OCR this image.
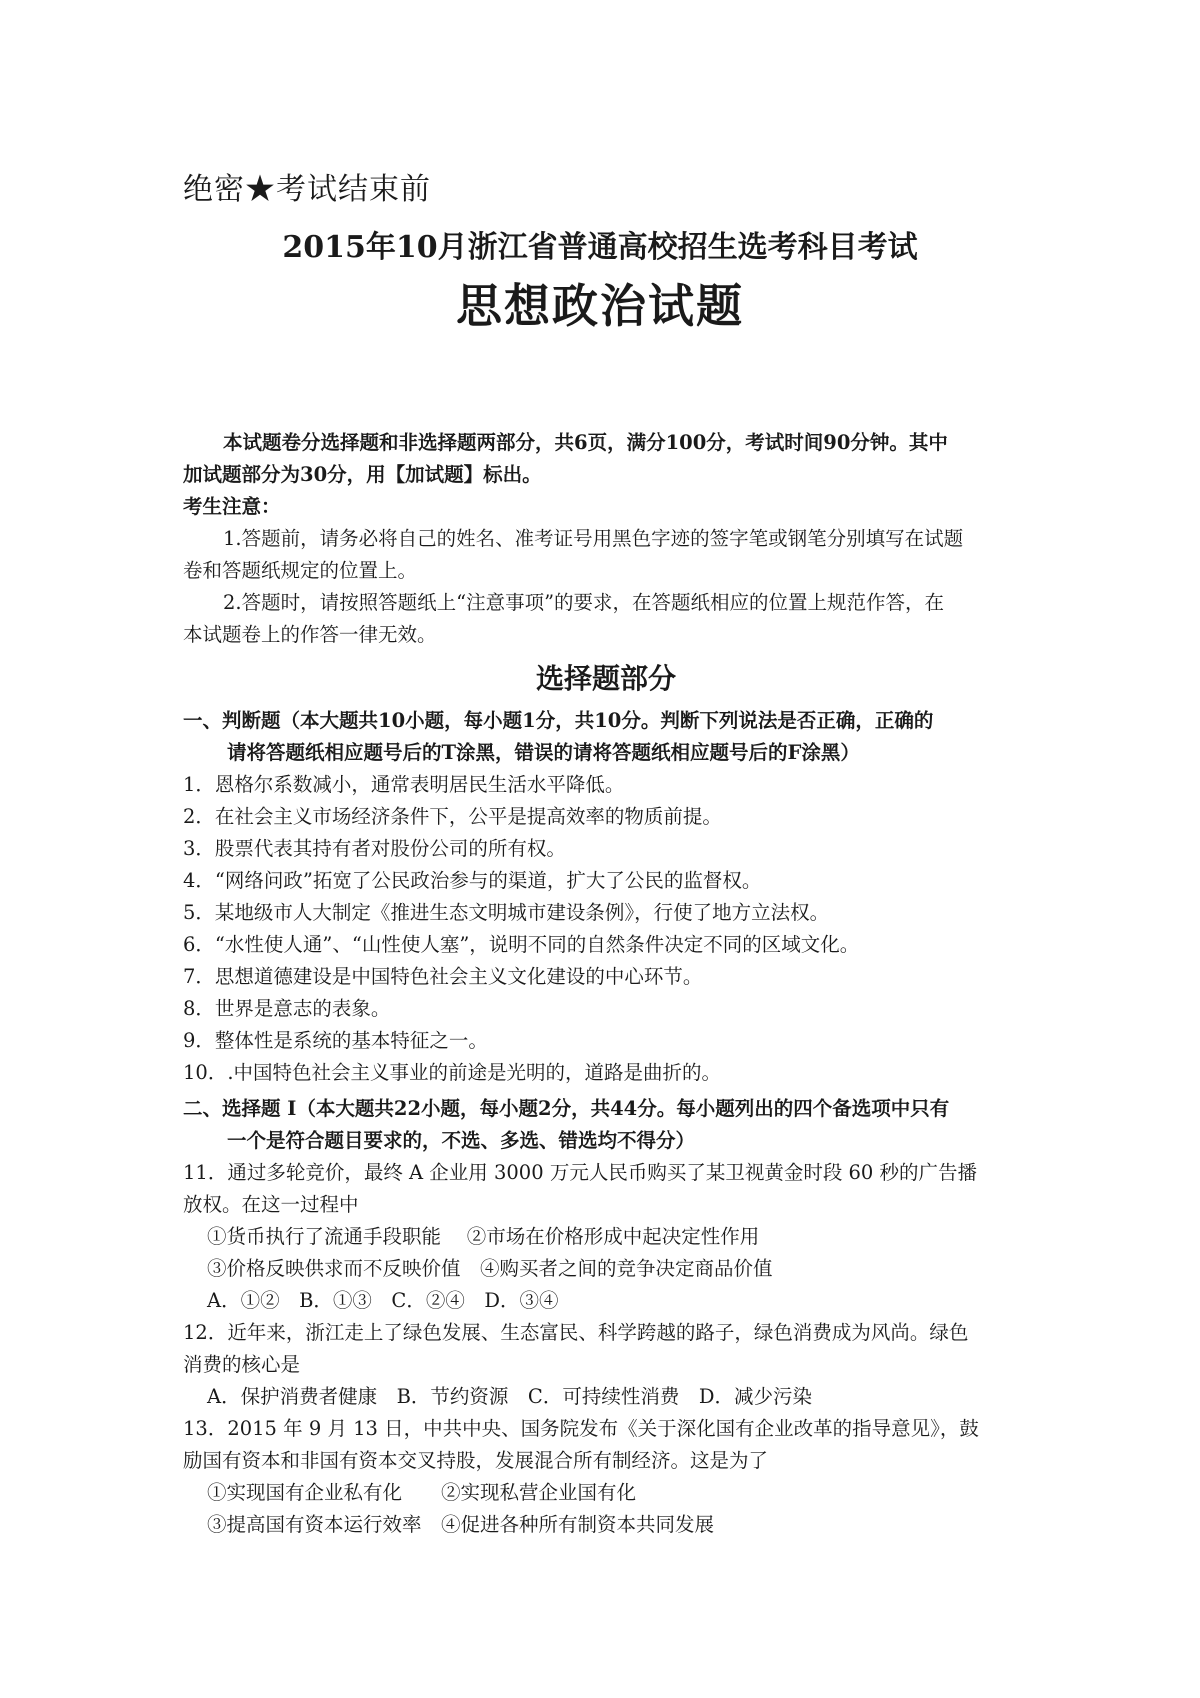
绝密★考试结束前
2015年10月浙江省普通高校招生选考科目考试
思想政治试题
本试题卷分选择题和非选择题两部分，共6页，满分100分，考试时间90分钟。其中
加试题部分为30分，用【加试题】标出。
考生注意：
1.答题前，请务必将自己的姓名、准考证号用黑色字迹的签字笔或钢笔分别填写在试题
卷和答题纸规定的位置上。
2.答题时，请按照答题纸上“注意事项”的要求，在答题纸相应的位置上规范作答，在
本试题卷上的作答一律无效。
选择题部分
一、判断题（本大题共10小题，每小题1分，共10分。判断下列说法是否正确，正确的
请将答题纸相应题号后的T涂黑，错误的请将答题纸相应题号后的F涂黑）
1．恩格尔系数减小，通常表明居民生活水平降低。
2．在社会主义市场经济条件下，公平是提高效率的物质前提。
3．股票代表其持有者对股份公司的所有权。
4．“网络问政”拓宽了公民政治参与的渠道，扩大了公民的监督权。
5．某地级市人大制定《推进生态文明城市建设条例》，行使了地方立法权。
6．“水性使人通”、“山性使人塞”，说明不同的自然条件决定不同的区域文化。
7．思想道德建设是中国特色社会主义文化建设的中心环节。
8．世界是意志的表象。
9．整体性是系统的基本特征之一。
10．.中国特色社会主义事业的前途是光明的，道路是曲折的。
二、选择题 I（本大题共22小题，每小题2分，共44分。每小题列出的四个备选项中只有
一个是符合题目要求的，不选、多选、错选均不得分）
11．通过多轮竞价，最终 A 企业用 3000 万元人民币购买了某卫视黄金时段 60 秒的广告播
放权。在这一过程中
①货币执行了流通手段职能　 ②市场在价格形成中起决定性作用
③价格反映供求而不反映价值　④购买者之间的竞争决定商品价值
A．①②　B．①③　C．②④　D．③④
12．近年来，浙江走上了绿色发展、生态富民、科学跨越的路子，绿色消费成为风尚。绿色
消费的核心是
A．保护消费者健康　B．节约资源　C．可持续性消费　D．减少污染
13．2015 年 9 月 13 日，中共中央、国务院发布《关于深化国有企业改革的指导意见》，鼓
励国有资本和非国有资本交叉持股，发展混合所有制经济。这是为了
①实现国有企业私有化　　②实现私营企业国有化
③提高国有资本运行效率　④促进各种所有制资本共同发展
